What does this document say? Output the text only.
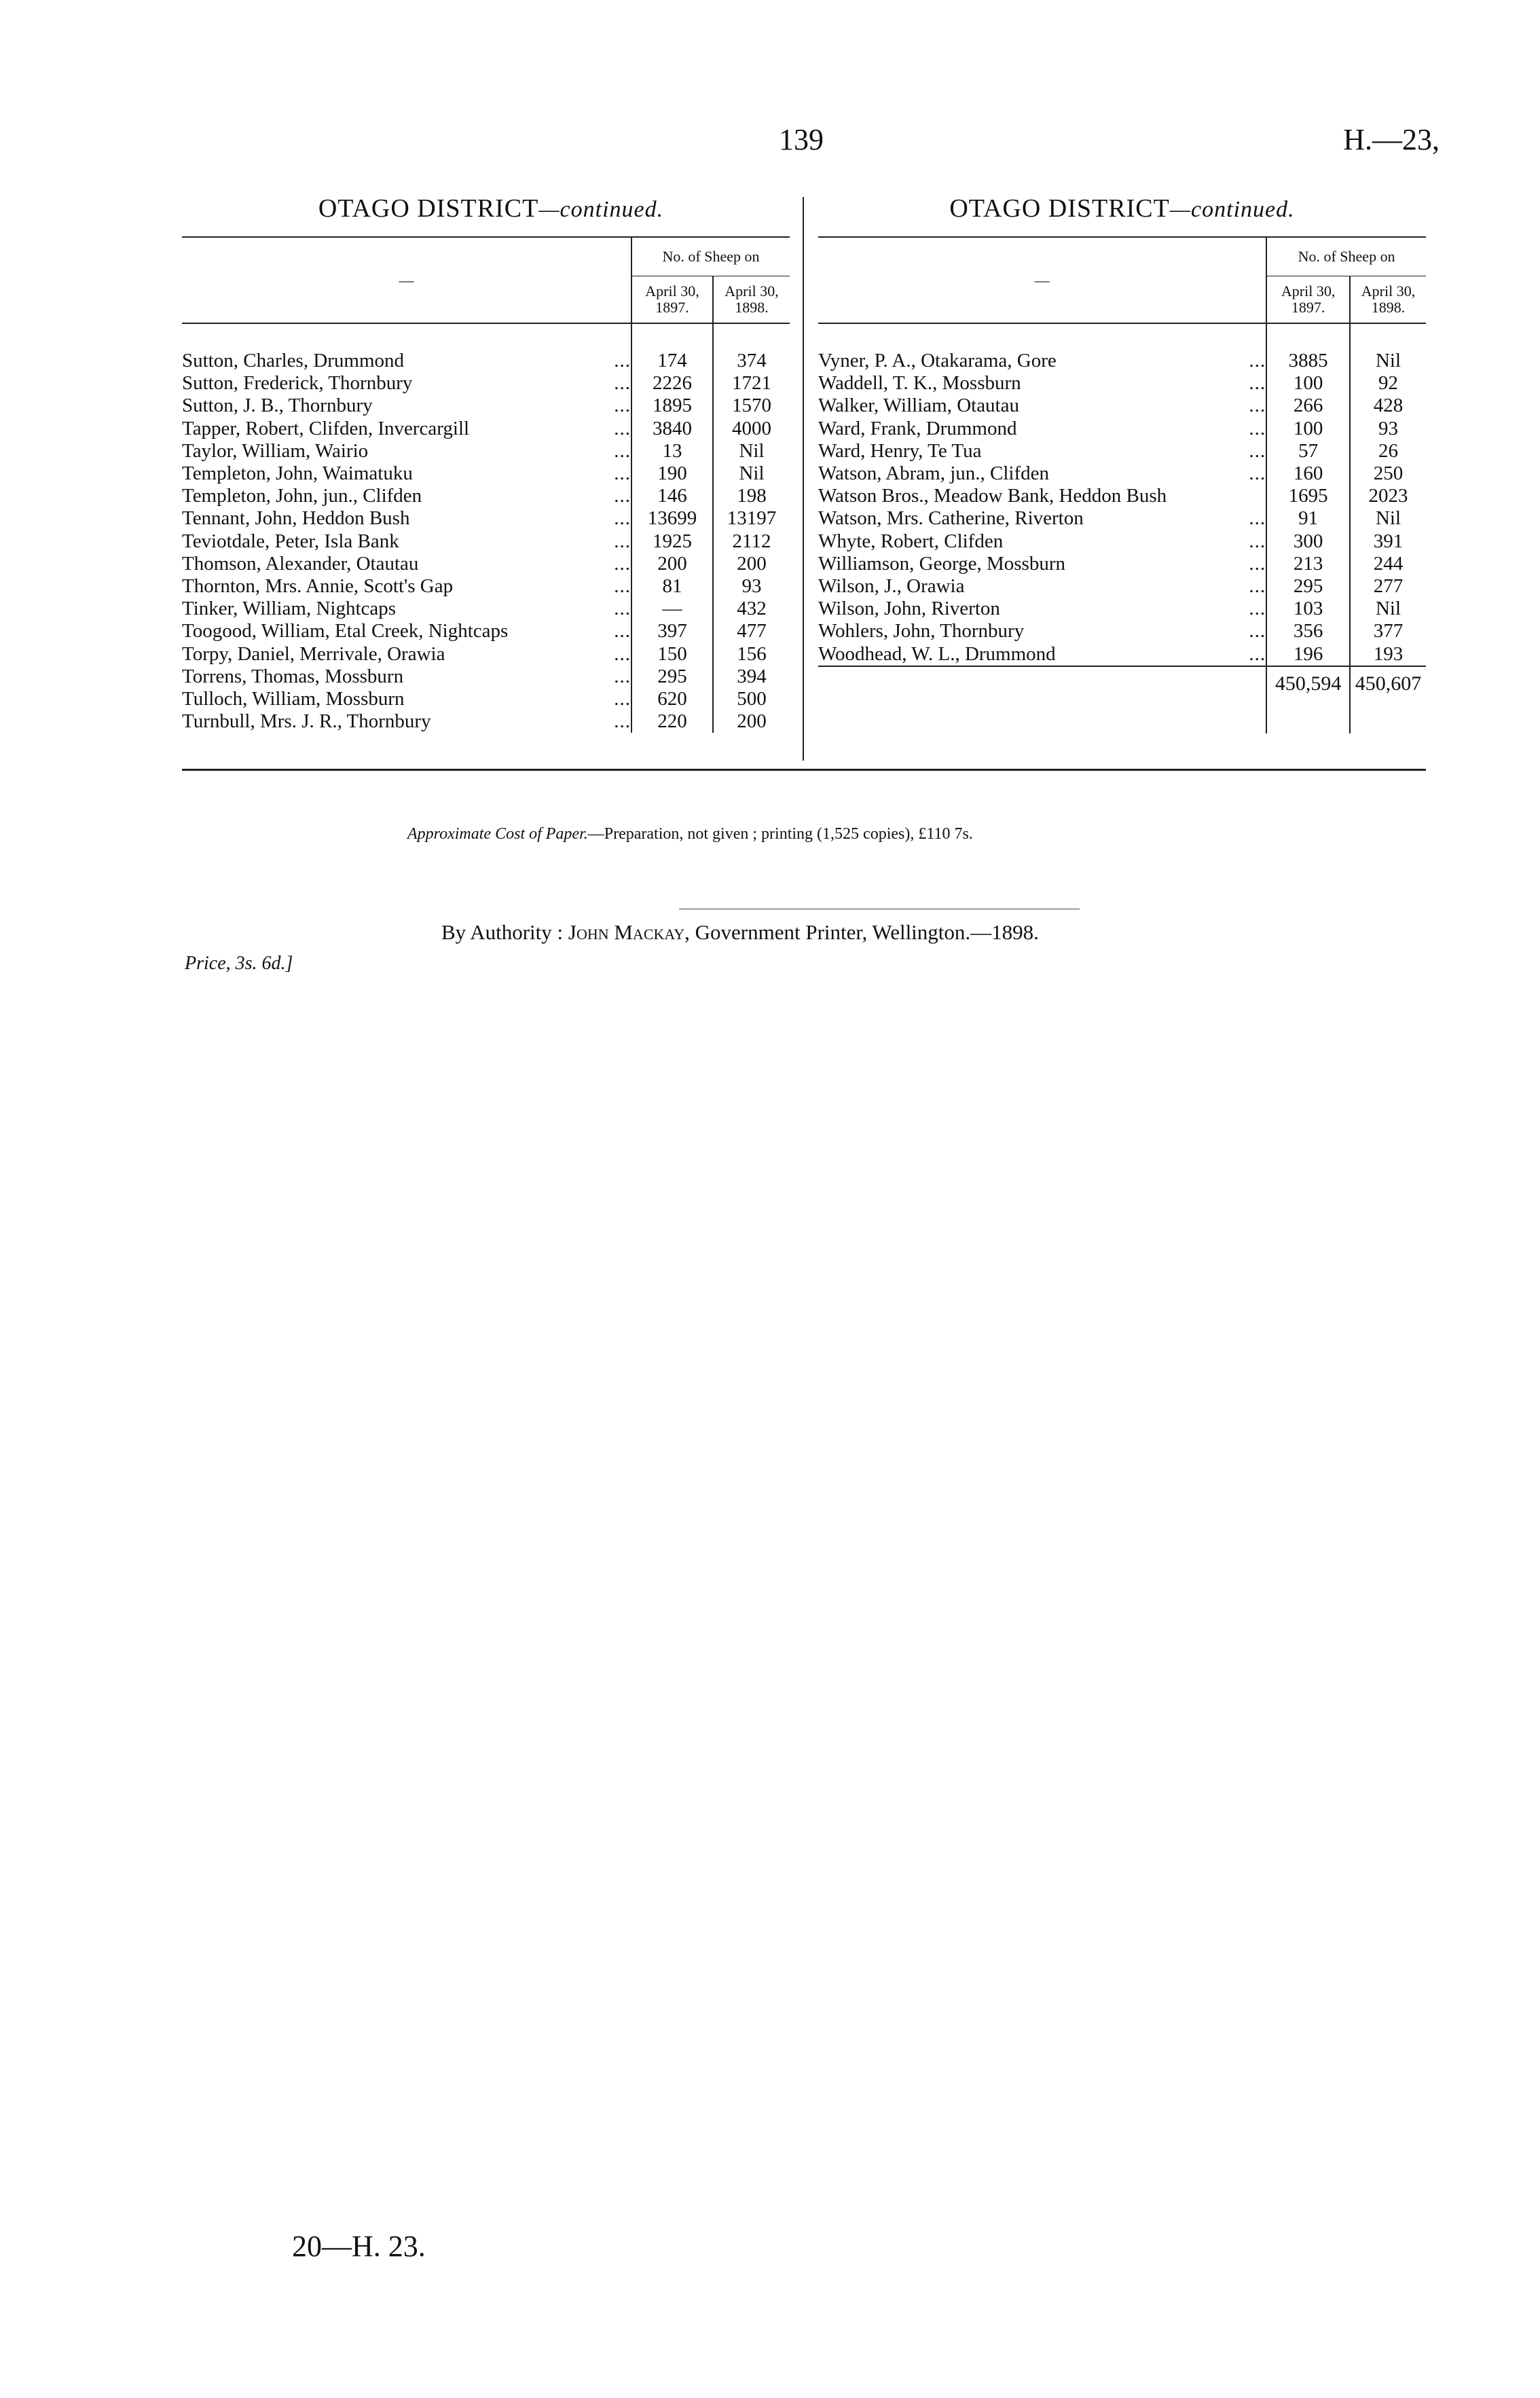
139	H.—23,
OTAGO DISTRICT—continued.	OTAGO DISTRICT—continued.
—		No. of Sheep on	
		April 30, 1897.	April 30, 1898.

Sutton, Charles, Drummond	...	174	374
Sutton, Frederick, Thornbury	...	2226	1721
Sutton, J. B., Thornbury	...	1895	1570
Tapper, Robert, Clifden, Invercargill	...	3840	4000
Taylor, William, Wairio	...	13	Nil
Templeton, John, Waimatuku	...	190	Nil
Templeton, John, jun., Clifden	...	146	198
Tennant, John, Heddon Bush	...	13699	13197
Teviotdale, Peter, Isla Bank	...	1925	2112
Thomson, Alexander, Otautau	...	200	200
Thornton, Mrs. Annie, Scott's Gap	...	81	93
Tinker, William, Nightcaps	...	—	432
Toogood, William, Etal Creek, Nightcaps	...	397	477
Torpy, Daniel, Merrivale, Orawia	...	150	156
Torrens, Thomas, Mossburn	...	295	394
Tulloch, William, Mossburn	...	620	500
Turnbull, Mrs. J. R., Thornbury	...	220	200
—		No. of Sheep on	
		April 30, 1897.	April 30, 1898.

Vyner, P. A., Otakarama, Gore	...	3885	Nil
Waddell, T. K., Mossburn	...	100	92
Walker, William, Otautau	...	266	428
Ward, Frank, Drummond	...	100	93
Ward, Henry, Te Tua	...	57	26
Watson, Abram, jun., Clifden	...	160	250
Watson Bros., Meadow Bank, Heddon Bush		1695	2023
Watson, Mrs. Catherine, Riverton	...	91	Nil
Whyte, Robert, Clifden	...	300	391
Williamson, George, Mossburn	...	213	244
Wilson, J., Orawia	...	295	277
Wilson, John, Riverton	...	103	Nil
Wohlers, John, Thornbury	...	356	377
Woodhead, W. L., Drummond	...	196	193
		450,594	450,607

Approximate Cost of Paper.—Preparation, not given ; printing (1,525 copies), £110 7s.
By Authority : John Mackay, Government Printer, Wellington.—1898.
Price, 3s. 6d.]
20—H. 23.
